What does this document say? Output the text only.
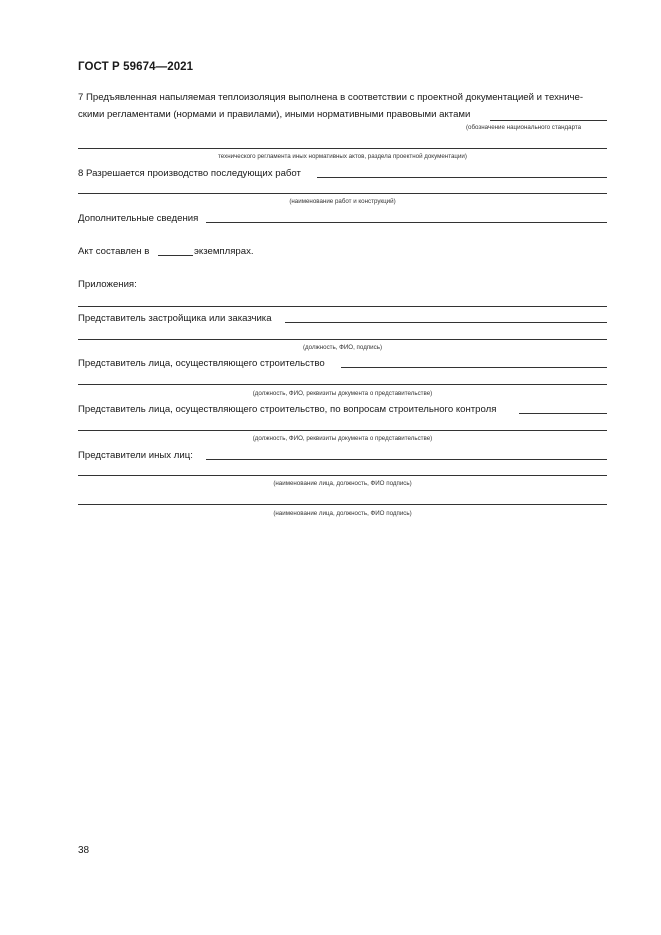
ГОСТ Р 59674—2021
7 Предъявленная напыляемая теплоизоляция выполнена в соответствии с проектной документацией и техниче-
скими регламентами (нормами и правилами), иными нормативными правовыми актами
(обозначение национального стандарта
технического регламента иных нормативных актов, раздела проектной документации)
8 Разрешается производство последующих работ
(наименование работ и конструкций)
Дополнительные сведения
Акт составлен в	экземплярах.
Приложения:
Представитель застройщика или заказчика
(должность, ФИО, подпись)
Представитель лица, осуществляющего строительство
(должность, ФИО, реквизиты документа о представительстве)
Представитель лица, осуществляющего строительство, по вопросам строительного контроля
(должность, ФИО, реквизиты документа о представительстве)
Представители иных лиц:
(наименование лица, должность, ФИО подпись)
(наименование лица, должность, ФИО подпись)
38
